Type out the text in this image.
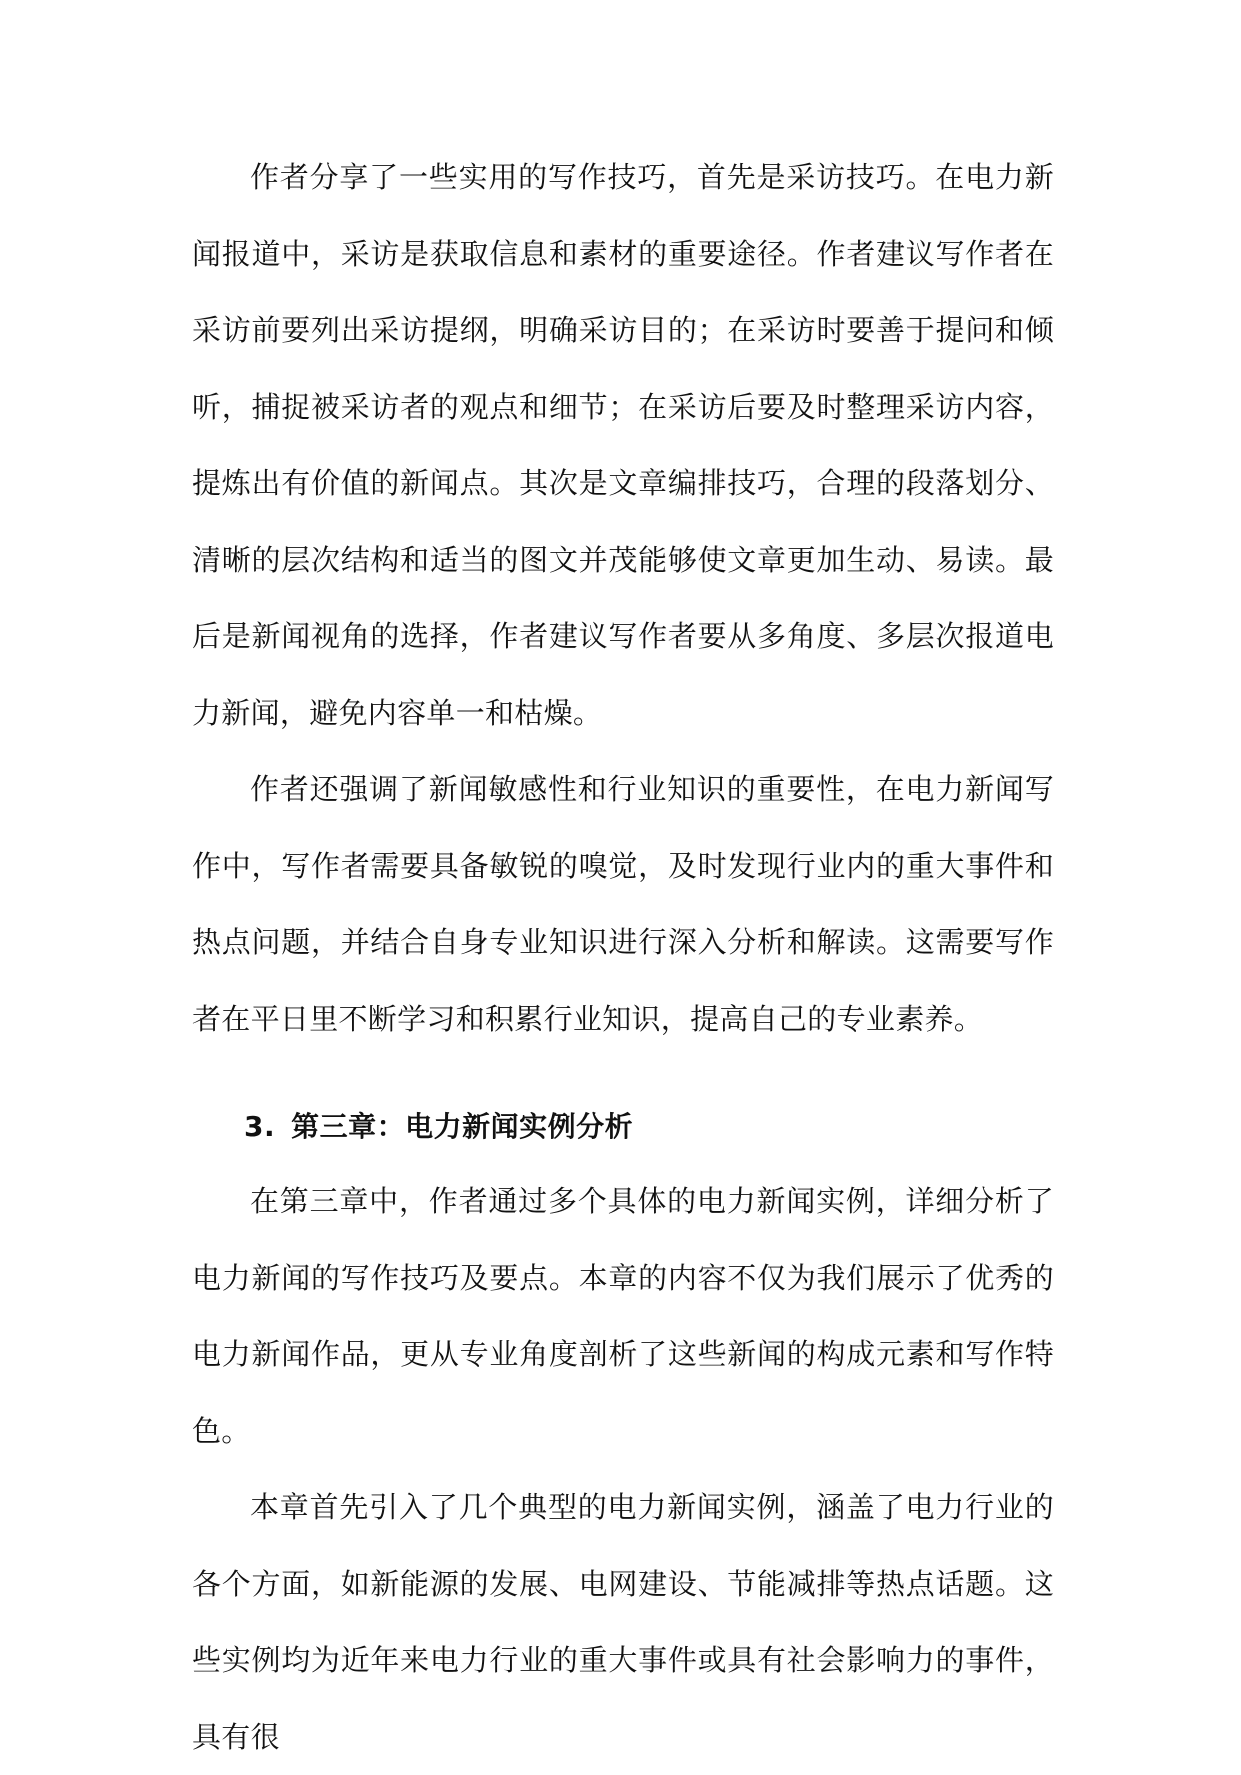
作者分享了一些实用的写作技巧，首先是采访技巧。在电力新闻报道中，采访是获取信息和素材的重要途径。作者建议写作者在采访前要列出采访提纲，明确采访目的；在采访时要善于提问和倾听，捕捉被采访者的观点和细节；在采访后要及时整理采访内容，提炼出有价值的新闻点。其次是文章编排技巧，合理的段落划分、清晰的层次结构和适当的图文并茂能够使文章更加生动、易读。最后是新闻视角的选择，作者建议写作者要从多角度、多层次报道电力新闻，避免内容单一和枯燥。

作者还强调了新闻敏感性和行业知识的重要性，在电力新闻写作中，写作者需要具备敏锐的嗅觉，及时发现行业内的重大事件和热点问题，并结合自身专业知识进行深入分析和解读。这需要写作者在平日里不断学习和积累行业知识，提高自己的专业素养。

3. 第三章：电力新闻实例分析

在第三章中，作者通过多个具体的电力新闻实例，详细分析了电力新闻的写作技巧及要点。本章的内容不仅为我们展示了优秀的电力新闻作品，更从专业角度剖析了这些新闻的构成元素和写作特色。

本章首先引入了几个典型的电力新闻实例，涵盖了电力行业的各个方面，如新能源的发展、电网建设、节能减排等热点话题。这些实例均为近年来电力行业的重大事件或具有社会影响力的事件，具有很
